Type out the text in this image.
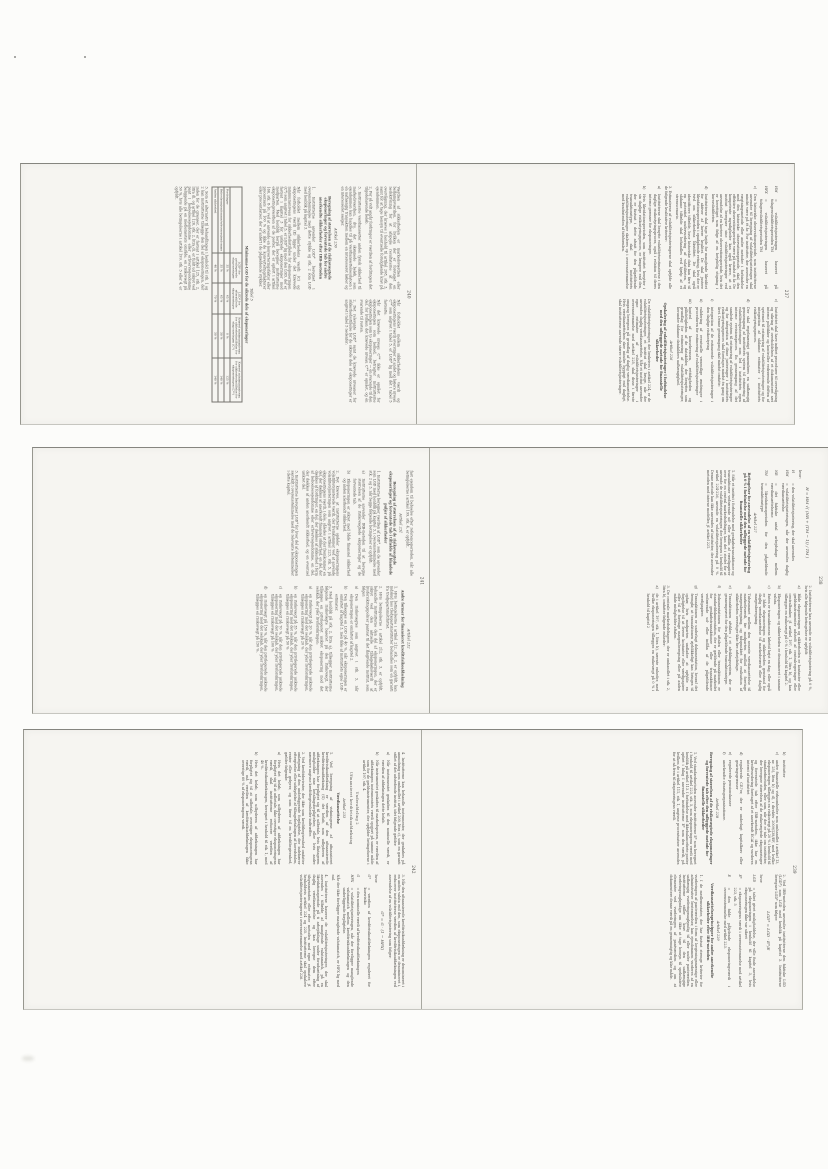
237
HM
= volatilitetsjusteringen baseret på tidagesvolatilitetsperioden TM
HFX
= volatilitetsjusteringen baseret på tidagesvolatilitetsperioden TM
c)
Den historiske observationsperiode, som institutterne anvender til beregning af volatilitetsjusteringer, skal mindst være på ét år. For institutter, der anvender en vægtningsmetode eller andre metoder i forbindelse med den historiske observationsperiode, skal den effektive observationsperiode være på mindst ét år. De kompetente myndigheder kan også kræve, at et institut beregner sine volatilitetsjusteringer ved anvendelse af en kortere observationsperiode, hvis det er berettiget som følge af en betydelig stigning i kursvolatiliteten.
d)
Institutterne skal tage højde for manglende likviditet for aktiver af lavere kvalitet. De skal justere likvidationsperioden i opadgående retning, hvis der er tvivl om sikkerhedens likviditet. De skal også identificere tilfælde, hvor historiske data kan føre til en potentiel undervurdering af volatiliteten, og sådanne tilfælde skal behandles ved hjælp af et stressscenario.
3. Estimaterne af volatilitetsjusteringerne skal opfylde alle de følgende kvalitative kriterier:
a)
Institutterne skal benytte volatilitetsestimaterne i den daglige risikostyringsproces, også i relation til deres interne grænser for eksponeringer.
b)
Hvis likvidationsperioden, som instituttet benytter i sin daglige risikostyringsproces, er længere end den, der er fastsat i dette afsnit for den pågældende transaktionstype, skal instituttets volatilitetsjusteringer skaleres op i overensstemmelse med kvadratroden af tidsformlen.
c)
Instituttet skal have indført procedurer til overvågning og sikring af overholdelsen af et dokumenteret sæt interne politikker og kontroller vedrørende driften af systemet til estimering af volatilitetsjusteringer og for integration af sådanne estimater i instituttets risikostyringsproces.
d)
Der skal regelmæssigt gennemføres en uafhængig gennemgang af instituttets system til estimering af volatilitetsjusteringer som led i instituttets egen interne revisionsproces. En gennemgang af det samlede system til estimering af volatilitetsjusteringer og for integration af disse justeringer i instituttets risikostyringsproces skal foretages mindst én gang om året. Denne gennemgang skal mindst omfatte:
i)
integration af de estimerede volatilitetsjusteringer i den daglige risikostyring
ii)
validering af eventuelle væsentlige ændringer i proceduren for estimering af volatilitetsjusteringer
iii)
kontrol af konsekvensen, rettidigheden og pålideligheden af de datakilder, der benyttes som grundlag for estimering af volatilitetsjusteringer, herunder sådanne datakilders uafhængighed.
Artikel 226
Opskalering af volatilitetsjusteringer i forbindelse med den udbyggede metode for finansielle sikkerheder
De volatilitetsjusteringer, der beskrives i artikel 224, er de volatilitetsjusteringer, et institut skal bruge, når der anvendes daglig værdiansættelse. Når et institut anvender egne estimater af volatilitetsjusteringer i overensstemmelse med artikel 225, skal disse i første omgang beregnes på grundlag af daglig værdiansættelse. Hvis værdiansættelsen sker mindre hyppigt end dagligt, skal institutterne anvende større volatilitetsjusteringer.
240
Værdien af sikkerheden er markedsværdien eller belåningsværdien, for hvilken der er foretaget en nedskrivning for at afspejle resultaterne af den overvågning, der kræves i henhold til artikel 208, stk. 3, samt for at tage hensyn til eventuelle forudgående krav på ejendommen.
2. For så vidt angår fordringer er værdien af fordringen det tilgodehavende beløb.
3. Institutterne værdiansætter anden fysisk sikkerhed til markedsværdien, dvs. det skønnede beløb, som ejendommen kan handles til på værdiansættelsesdatoen i en uafhængig transaktion mellem en interesseret køber og en interesseret sælger.
Artikel 230
Beregning af størrelsen af de risikovægtede eksponeringer og forventede tab for andre anerkendte sikkerheder efter IRB-metoden
1. Institutterne anvender LGD* beregnet i overensstemmelse med dette stykke og stk. 2 som LGD med henblik på kapitel 3.
Når forholdet mellem sikkerhedens værdi (C) og eksponeringens værdi (E) ligger under det krævede minimumsniveau for sikkerhedsstillelse for eksponeringen (C*) som angivet i tabel 5, er LGD* lig med den LGD, der er fastsat i kapitel 3 for usikrede eksponeringer mod modparten. Med henblik herpå beregner institutterne eksponeringsværdien af de poster, der er opført i artikel 166, stk. 8-10, ved at anvende en konverteringsfaktor eller procentsats på 100 % og ikke de konverteringsfaktorer eller procentsatser, der er anført i de pågældende stykker.
Når forholdet mellem sikkerhedens værdi og eksponeringens værdi overstiger et andet og højere niveau C** som angivet i tabel 5, er LGD* lig med det i tabel 5 fastsatte.
Når det krævede niveau C** ikke er opnået for eksponeringen som helhed, betragter institutterne eksponeringen som to eksponeringer — én svarende til den del, for hvilken det krævede niveau C** er opnået, og én svarende til resten.
2. Det relevante LGD* samt de krævede niveauer for sikkerhedsstillelse for de sikrede dele af eksponeringer er angivet i tabel 5 nedenfor:
Tabel 5
Minimums-LGD for de sikrede dele af eksponeringer
	LGD* for privilegerede eksponeringer	LGD* for efterstillede eksponeringer	Krævet minimumsniveau for sikkerhedsstillelse for eksponeringen (C*)	Krævet minimumsniveau for sikkerhedsstillelse for eksponeringen (C**)
Fordringer	35 %	65 %	0 %	125 %
Beboelsesejendomme/erhvervsejendomme	35 %	65 %	30 %	140 %
Anden sikkerhed	40 %	70 %	30 %	140 %
3. Som et alternativ til behandlingen i henhold til stk. 1 og 2 kan institutterne tillægge den del af eksponeringen, der inden for de grænser, der er fastsat i artikel 125, stk. 2, litra d), og artikel 126, stk. 2, litra d), er fuldt ud sikret ved pant i beboelsesejendomme eller erhvervsejendomme beliggende på en medlemsstats område, en risikovægt på 50 %, hvis alle betingelserne i artikel 199, stk. 3 eller 4, er opfyldt.
238
H = HM √( (NR + (TM − 1)) / TM )
hvor:
H
= den volatilitetsjustering, der skal anvendes
HM
= volatilitetsjusteringen, når der anvendes daglig værdiansættelse
NR
= det faktiske antal arbejdsdage mellem værdiansættelserne
TM
= likvidationsperioden for den pågældende transaktionstype
Artikel 227
Betingelser for anvendelse af en volatilitetsjustering på 0 % i forbindelse med den udbyggede metode for finansielle sikkerheder
1. Står et institut i forbindelse med genkøbstransaktioner og transaktioner vedrørende ud- eller indlån af værdipapirer over for en central markedsdeltager, kan det i stedet for at anvende de volatilitetsjusteringer, der beregnes i henhold til artikel 224-226, anvende en volatilitetsjustering på 0 %. Denne metode kan ikke anvendes af institutter, der anvender metoden med interne modeller, jf. artikel 221.
2. Institutterne kan anvende en volatilitetsjustering på 0 %, hvis alle følgende betingelser er opfyldt:
a)
Både eksponeringen og sikkerheden er kontanter eller gældsinstrumenter udstedt af centralregeringer eller centralbanker, jf. artikel 197, stk. 1, litra b), og kan tillægges en risikovægt på 0 % i henhold til kapitel 2.
b)
Eksponeringen og sikkerheden er denomineret i samme valuta.
c)
Enten er transaktionens løbetid højst en dag, eller også er både eksponeringen og sikkerheden genstand for daglig værdiansættelse til markedsværdi eller daglig margenberegning.
d)
Tidsrummet mellem den seneste værdiansættelse til markedsværdi, før modparten undlod at foretage margenberegning, og tidspunktet for realisation af sikkerheden overstiger ikke fire arbejdsdage.
e)
Transaktionen afvikles i et afviklingssystem, der er gennemprøvet for den pågældende transaktionstype.
f)
Dokumentationen for aftalen eller transaktionen er standarddokumentation, der er gældende på markedet for genkøbstransaktioner eller transaktioner vedrørende ud- eller indlån af de pågældende værdipapirer.
g)
Transaktionen er underlagt dokumentation, hvoraf det fremgår, at transaktionen øjeblikkeligt kan bringes til ophør, hvis modparten undlader at opfylde en forpligtelse til at levere kontanter eller værdipapirer eller til at foretage margenberegning eller på anden måde misligholder aftalen.
3. De centrale markedsdeltagere, der er omhandlet i stk. 2, litra b), omfatter følgende enheder:
a)
de i artikel 197, stk. 1, litra b), nævnte enheder, med hvilke eksponeringen tillægges en risikovægt på 0 % i henhold til kapitel 2
241
fast ejendom til beboelse efter referenceperioden, når alle betingelserne i artikel 199, stk. 4, er opfyldt.
Artikel 231
Beregning af størrelsen af de risikovægtede eksponeringer og forventede tab i tilfælde af blandede puljer af sikkerheder
1. Institutterne beregner værdien af LGD*, som de anvender som LGD med henblik på kapitel 3, i overensstemmelse med stk. 2 og 3, når begge følgende betingelser er opfyldt:
a)
Institutterne anvender IRB-metoden til at beregne størrelsen af de risikovægtede eksponeringer og de forventede tab.
b)
Eksponeringen er sikret med både finansiel sikkerhed og anden anerkendt sikkerhed.
2. Det kræves, at institutterne opdeler eksponeringens volatilitetsjusterede værdi, der fremkommer ved at anvende volatilitetsjusteringen som angivet i artikel 223, stk. 5, på eksponeringens værdi, i dele, således at der fremkommer en del, der dækkes af anerkendt finansiel sikkerhed, en del, der dækkes af fordringer, en del, der dækkes af sikkerhed i form af beboelsesejendomme eller erhvervsejendomme, en del, der dækkes af anden anerkendt sikkerhed, og en eventuel usikret del.
3. Institutterne beregner LGD* for hver del af eksponeringen særskilt i overensstemmelse med de relevante bestemmelser i dette kapitel.
Artikel 232
Andre former for finansieret kreditrisikoafdækning
1. Hvis betingelserne i artikel 212, stk. 2, er opfyldt, kan indskud hos tredjepartsinstitutter behandles som en garanti fra tredjepartsinstituttet.
2. Hvis betingelserne i artikel 212, stk. 3, er opfyldt, behandler institutterne den del af eksponeringen, der er sikret ved den aktuelle tilbagekøbsværdi af livsforsikringspolicer pantsat til det långivende institut, som følger:
a)
Den risikovægtes som angivet i stk. 3, når eksponeringen er omfattet af kapitel 2.
b)
Den tillægges en LGD på 40 %, når eksponeringen er omfattet af kapitel 3, men ikke af instituttets egne LGD-estimater.
3. Med henblik på stk. 2, litra a), tillægger institutterne følgende risikovægte baseret på den risikovægt, der tillægges en privilegeret usikret eksponering mod det selskab, der yder livsforsikringen:
a)
en risikovægt på 20 %, når den privilegerede usikrede eksponering mod det selskab, der yder livsforsikringen, tillægges en risikovægt på 20 %
b)
en risikovægt på 35 %, når den privilegerede usikrede eksponering mod det selskab, der yder livsforsikringen, tillægges en risikovægt på 50 %
c)
en risikovægt på 70 %, når den privilegerede usikrede eksponering mod det selskab, der yder livsforsikringen, tillægges en risikovægt på 100 %
d)
en risikovægt på 150 %, når den privilegerede usikrede eksponering mod det selskab, der yder livsforsikringen, tillægges en risikovægt på 150 %.
239
b)
institutter
c)
andre finansielle virksomheder som omhandlet i artikel 13, nr. 25), litra b) og d), i direktiv 2009/138/EF, med hvilke eksponeringen tillægges en risikovægt på 20 % i henhold til standardmetoden, eller som, når der er tale om institutter, der beregner størrelsen af de risikovægtede eksponeringer og forventede tab efter IRB-metoden, ikke har en kreditvurdering foretaget af et anerkendt ECAI og vurderes internt af instituttet
d)
regulerede CIU'er, der er underlagt kapitalkrav eller gearingsgrænser
e)
regulerede pensionskasser
f)
anerkendte clearingorganisationer.
Artikel 228
Beregning af størrelsen af de risikovægtede eksponeringer og forventede tab efter den udbyggede metode for finansielle sikkerheder
1. Ved standardmetoden anvender institutterne E* som beregnet i henhold til artikel 223, stk. 5, som eksponeringens værdi med henblik på artikel 113. I forbindelse med ikkebalanceførte poster opført i bilag I anvender institutterne E* som den værdi, på hvilken de i artikel 111, stk. 1, angivne procentsatser anvendes for at nå frem til eksponeringens værdi.
2. Ved IRB-metoden anvender institutterne den faktiske LGD (LGD*) som LGD med henblik på kapitel 3. Institutterne beregner LGD* som følger:
LGD* = LGD · E*/E
hvor:
LGD
= tabet givet misligholdelse, der ville finde anvendelse på eksponeringen i henhold til kapitel 3, hvis eksponeringen ikke var sikret
E*
= eksponeringens værdi i overensstemmelse med artikel 223, stk. 5
E
= den fulde pålydende eksponeringsværdi i overensstemmelse med artikel 223.
Artikel 229
Værdiansættelsesprincipper for andre anerkendte sikkerheder efter IRB-metoden
1. I de medlemsstater, der har fastsat strenge kriterier for vurderingen af pantværdien i form af lovgivningsmæssige eller administrative bestemmelser, kan ejendommen vurderes af en uafhængig vurderingssagkyndig til eller under pantværdien. Institutterne stiller krav til den uafhængige vurderingssagkyndige om ikke at tage hensyn til spekulative elementer ved vurderingen af pantværdien og om at dokumentere denne værdi på en gennemsigtig og klar måde.
242
4. Institutterne kan behandle instrumenter, der genkøbes på anmodning som omhandlet i artikel 200, litra c), som en garanti stillet af det udstedende institut, idet følgende gælder:
a)
Når instrumentet genkøbes til den nominelle værdi, er værdien af afdækningen dette beløb.
b)
Når instrumentet genkøbes til markedsprisen, er værdien af afdækningen instrumentets værdi opgjort på samme måde som for de gældsinstrumenter, der opfylder betingelserne i artikel 197, stk. 4.
Underafdeling 2
Ufinansieret kreditrisikoafdækning
Artikel 233
Værdiansættelse
1. Ved beregning af virkningerne af ufinansieret kreditrisikoafdækning er værdien af den ufinansierede kreditrisikoafdækning (G) det beløb, som udbyderen af afdækningen har forpligtet sig til at udbetale, hvis låntageren misligholder sine betalingsforpligtelser, eller hvis andre nærmere angivne kreditbegivenheder indtræffer.
2. Ved kreditderivater, der ikke som kreditbegivenhed omfatter omlægning af den underliggende forpligtelse, der indebærer eftergivelse eller udskydelse af tilbagebetalingen af hovedstolen, renter eller gebyrer, og som fører til en kreditbegivenhed, gælder følgende:
a)
Hvis det beløb, som udbyderen af afdækningen har forpligtet sig til at udbetale, ikke overstiger eksponeringens værdi, skal institutterne reducere værdien af kreditrisikoafdækningen, beregnet i henhold til stk. 1, med 40 %.
b)
Hvis det beløb, som udbyderen af afdækningen har forpligtet sig til at udbetale, overstiger eksponeringens værdi, må værdien af kreditrisikoafdækningen ikke overstige 60 % af eksponeringens værdi.
3. Når den ufinansierede kreditrisikoafdækning er denomineret i en anden valuta end den, som eksponeringen er denomineret i, reducerer institutterne værdien af kreditrisikoafdækningen ved anvendelse af en volatilitetsjustering som følger:
G* = G · (1 − HFX)
hvor:
G*
= værdien af kreditrisikoafdækningen reguleret for kursrisiko
G
= den nominelle værdi af kreditrisikoafdækningen
HFX
= volatilitetsjusteringen, når der foreligger manglende valutamatch mellem kreditrisikoafdækningen og den underliggende forpligtelse.
Når der ikke foreligger manglende valutamatch, er HFX lig med nul.
4. Institutterne baserer de volatilitetsjusteringer, der skal anvendes i tilfælde af manglende valutamatch, på en likvidationsperiode på ti arbejdsdage under forudsætning af daglig værdiansættelse og kan beregne dem efter tilsynsmetoden eller efter metoden med egne estimater, jf. henholdsvis artikel 224 og 225. Institutterne skal opskalere volatilitetsjusteringerne i overensstemmelse med artikel 226.
